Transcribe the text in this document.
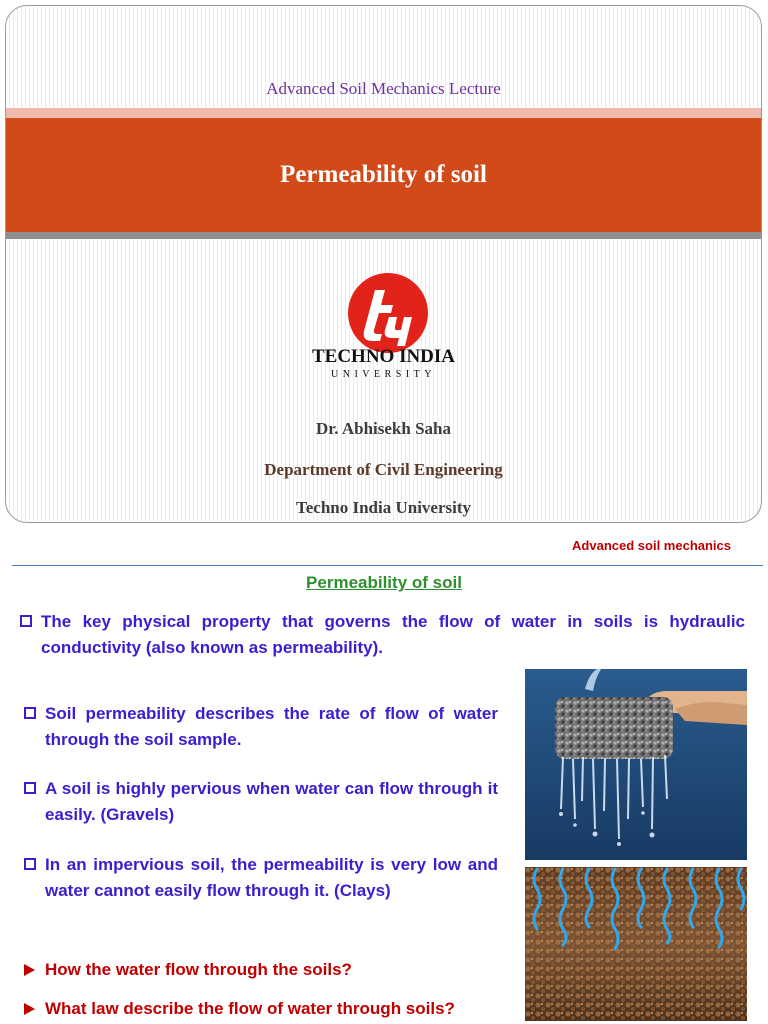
Advanced Soil Mechanics Lecture
Permeability of soil
TECHNO INDIA
UNIVERSITY
Dr. Abhisekh Saha
Department of Civil Engineering
Techno India University
Advanced soil mechanics
Permeability of soil
The key physical property that governs the flow of water in soils is hydraulic conductivity (also known as permeability).
Soil permeability describes the rate of flow of water through the soil sample.
A soil is highly pervious when water can flow through it easily. (Gravels)
In an impervious soil, the permeability is very low and water cannot easily flow through it. (Clays)
How the water flow through the soils?
What law describe the flow of water through soils?
